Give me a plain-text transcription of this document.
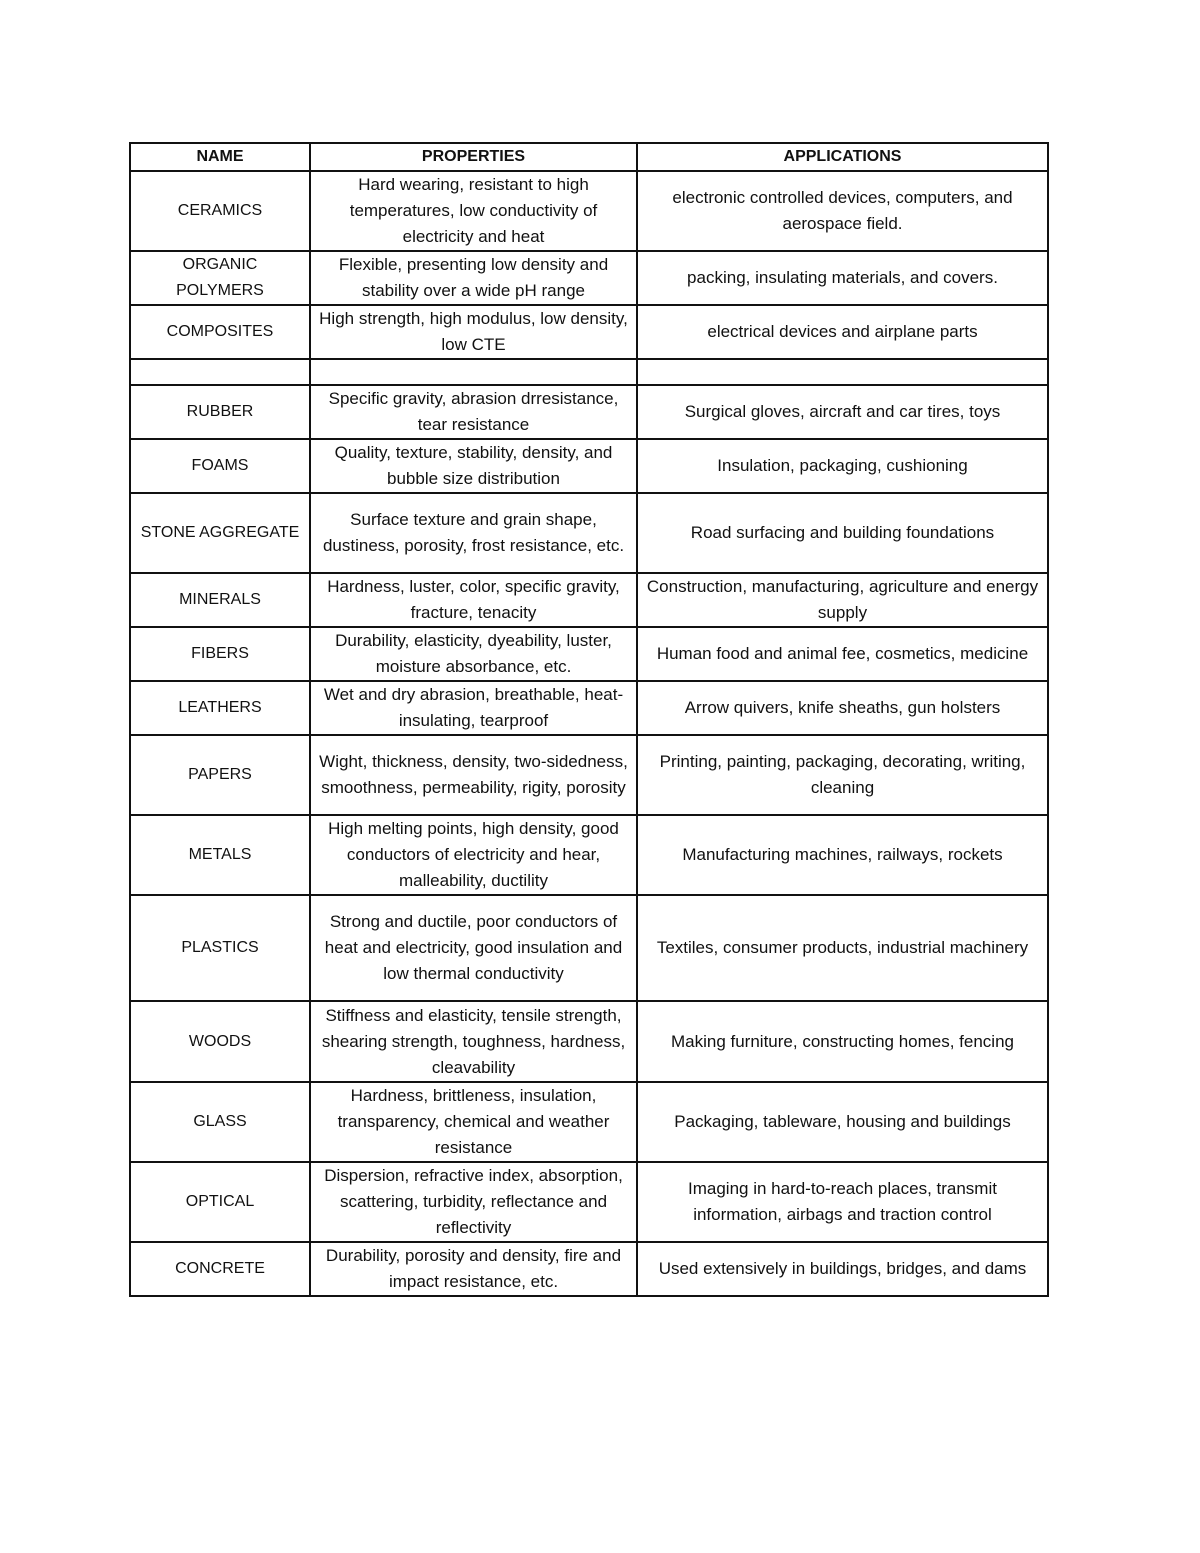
NAME	PROPERTIES	APPLICATIONS
CERAMICS	Hard wearing, resistant to high temperatures, low conductivity of electricity and heat	electronic controlled devices, computers, and aerospace field.
ORGANIC POLYMERS	Flexible, presenting low density and stability over a wide pH range	packing, insulating materials, and covers.
COMPOSITES	High strength, high modulus, low density, low CTE	electrical devices and airplane parts

RUBBER	Specific gravity, abrasion drresistance, tear resistance	Surgical gloves, aircraft and car tires, toys
FOAMS	Quality, texture, stability, density, and bubble size distribution	Insulation, packaging, cushioning
STONE AGGREGATE	Surface texture and grain shape, dustiness, porosity, frost resistance, etc.	Road surfacing and building foundations
MINERALS	Hardness, luster, color, specific gravity, fracture, tenacity	Construction, manufacturing, agriculture and energy supply
FIBERS	Durability, elasticity, dyeability, luster, moisture absorbance, etc.	Human food and animal fee, cosmetics, medicine
LEATHERS	Wet and dry abrasion, breathable, heat-insulating, tearproof	Arrow quivers, knife sheaths, gun holsters
PAPERS	Wight, thickness, density, two-sidedness, smoothness, permeability, rigity, porosity	Printing, painting, packaging, decorating, writing, cleaning
METALS	High melting points, high density, good conductors of electricity and hear, malleability, ductility	Manufacturing machines, railways, rockets
PLASTICS	Strong and ductile, poor conductors of heat and electricity, good insulation and low thermal conductivity	Textiles, consumer products, industrial machinery
WOODS	Stiffness and elasticity, tensile strength, shearing strength, toughness, hardness, cleavability	Making furniture, constructing homes, fencing
GLASS	Hardness, brittleness, insulation, transparency, chemical and weather resistance	Packaging, tableware, housing and buildings
OPTICAL	Dispersion, refractive index, absorption, scattering, turbidity, reflectance and reflectivity	Imaging in hard-to-reach places, transmit information, airbags and traction control
CONCRETE	Durability, porosity and density, fire and impact resistance, etc.	Used extensively in buildings, bridges, and dams
